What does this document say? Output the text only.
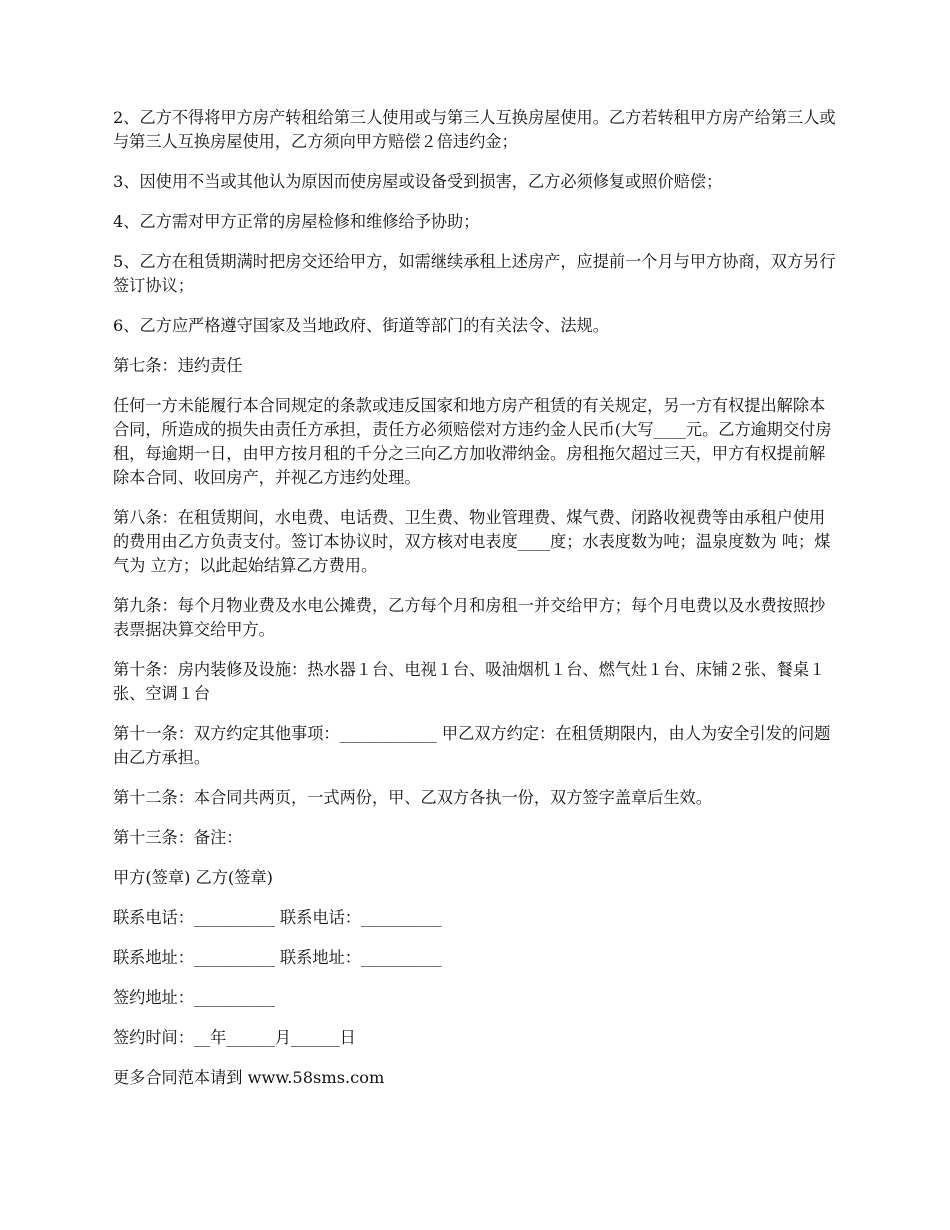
2、乙方不得将甲方房产转租给第三人使用或与第三人互换房屋使用。乙方若转租甲方房产给第三人或与第三人互换房屋使用，乙方须向甲方赔偿２倍违约金；

3、因使用不当或其他认为原因而使房屋或设备受到损害，乙方必须修复或照价赔偿；

4、乙方需对甲方正常的房屋检修和维修给予协助；

5、乙方在租赁期满时把房交还给甲方，如需继续承租上述房产，应提前一个月与甲方协商，双方另行签订协议；

6、乙方应严格遵守国家及当地政府、街道等部门的有关法令、法规。

第七条：违约责任

任何一方未能履行本合同规定的条款或违反国家和地方房产租赁的有关规定，另一方有权提出解除本合同，所造成的损失由责任方承担，责任方必须赔偿对方违约金人民币(大写____元。乙方逾期交付房租，每逾期一日，由甲方按月租的千分之三向乙方加收滞纳金。房租拖欠超过三天，甲方有权提前解除本合同、收回房产，并视乙方违约处理。

第八条：在租赁期间，水电费、电话费、卫生费、物业管理费、煤气费、闭路收视费等由承租户使用的费用由乙方负责支付。签订本协议时，双方核对电表度____度；水表度数为吨；温泉度数为 吨；煤气为 立方；以此起始结算乙方费用。

第九条：每个月物业费及水电公摊费，乙方每个月和房租一并交给甲方；每个月电费以及水费按照抄表票据决算交给甲方。

第十条：房内装修及设施：热水器１台、电视１台、吸油烟机１台、燃气灶１台、床铺２张、餐桌１张、空调１台

第十一条：双方约定其他事项：____________ 甲乙双方约定：在租赁期限内，由人为安全引发的问题由乙方承担。

第十二条：本合同共两页，一式两份，甲、乙双方各执一份，双方签字盖章后生效。

第十三条：备注：

甲方(签章) 乙方(签章)

联系电话：__________ 联系电话：__________

联系地址：__________ 联系地址：__________

签约地址：__________

签约时间：__年______月______日

更多合同范本请到 www.58sms.com
